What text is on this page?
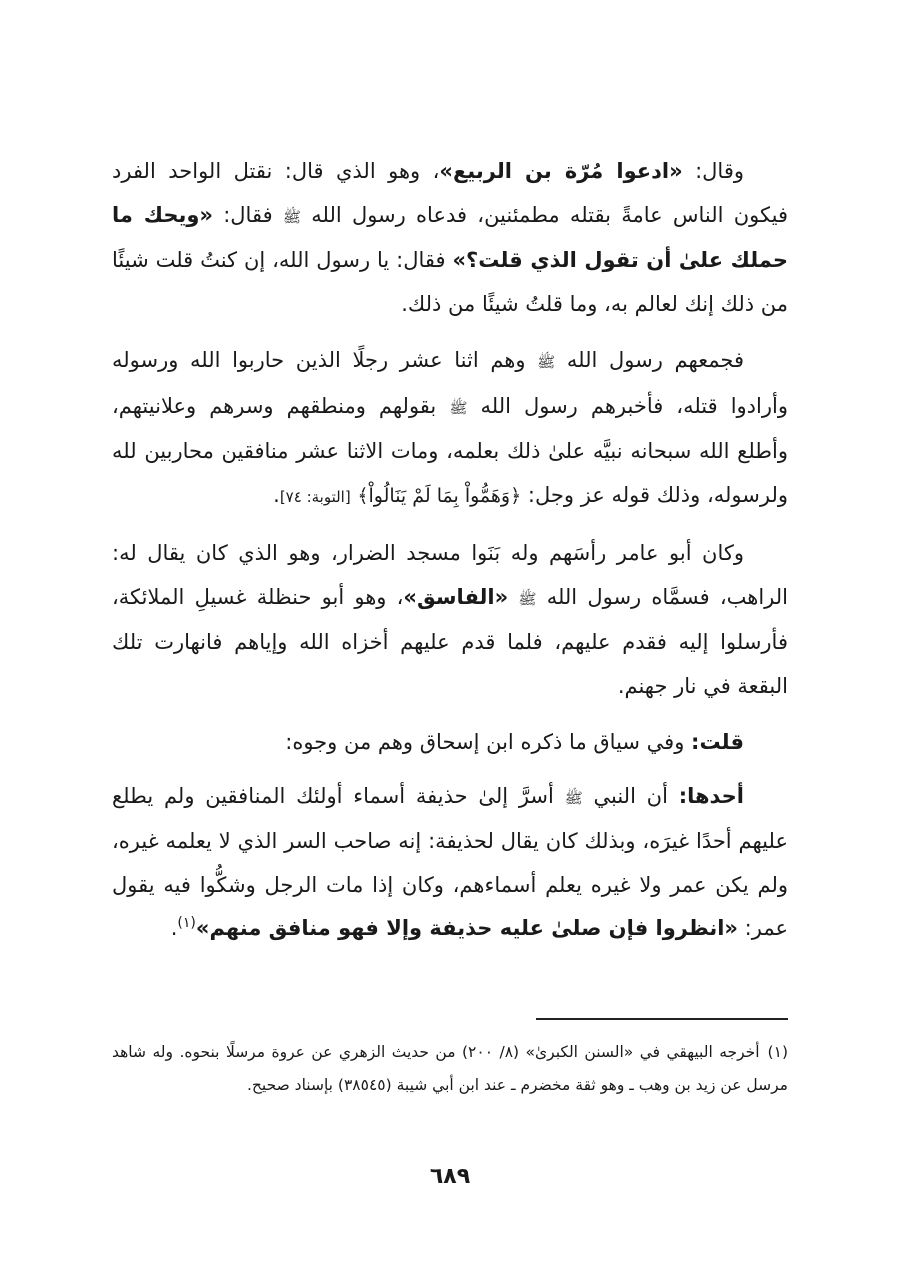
وقال: «ادعوا مُرّة بن الربيع»، وهو الذي قال: نقتل الواحد الفرد فيكون الناس عامةً بقتله مطمئنين، فدعاه رسول الله ﷺ فقال: «ويحك ما حملك علىٰ أن تقول الذي قلت؟» فقال: يا رسول الله، إن كنتُ قلت شيئًا من ذلك إنك لعالم به، وما قلتُ شيئًا من ذلك.

فجمعهم رسول الله ﷺ وهم اثنا عشر رجلًا الذين حاربوا الله ورسوله وأرادوا قتله، فأخبرهم رسول الله ﷺ بقولهم ومنطقهم وسرهم وعلانيتهم، وأطلع الله سبحانه نبيَّه علىٰ ذلك بعلمه، ومات الاثنا عشر منافقين محاربين لله ولرسوله، وذلك قوله عز وجل: ﴿وَهَمُّواْ بِمَا لَمْ يَنَالُواْ﴾ [التوبة: ٧٤].

وكان أبو عامر رأسَهم وله بَنَوا مسجد الضرار، وهو الذي كان يقال له: الراهب، فسمَّاه رسول الله ﷺ «الفاسق»، وهو أبو حنظلة غسيلِ الملائكة، فأرسلوا إليه فقدم عليهم، فلما قدم عليهم أخزاه الله وإياهم فانهارت تلك البقعة في نار جهنم.

قلت: وفي سياق ما ذكره ابن إسحاق وهم من وجوه:

أحدها: أن النبي ﷺ أسرَّ إلىٰ حذيفة أسماء أولئك المنافقين ولم يطلع عليهم أحدًا غيرَه، وبذلك كان يقال لحذيفة: إنه صاحب السر الذي لا يعلمه غيره، ولم يكن عمر ولا غيره يعلم أسماءهم، وكان إذا مات الرجل وشكُّوا فيه يقول عمر: «انظروا فإن صلىٰ عليه حذيفة وإلا فهو منافق منهم»$^{(١)}$.

(١)أخرجه البيهقي في «السنن الكبرىٰ» (٨/ ٢٠٠) من حديث الزهري عن عروة مرسلًا بنحوه. وله شاهد مرسل عن زيد بن وهب ـ وهو ثقة مخضرم ـ عند ابن أبي شيبة (٣٨٥٤٥) بإسناد صحيح.

٦٨٩
